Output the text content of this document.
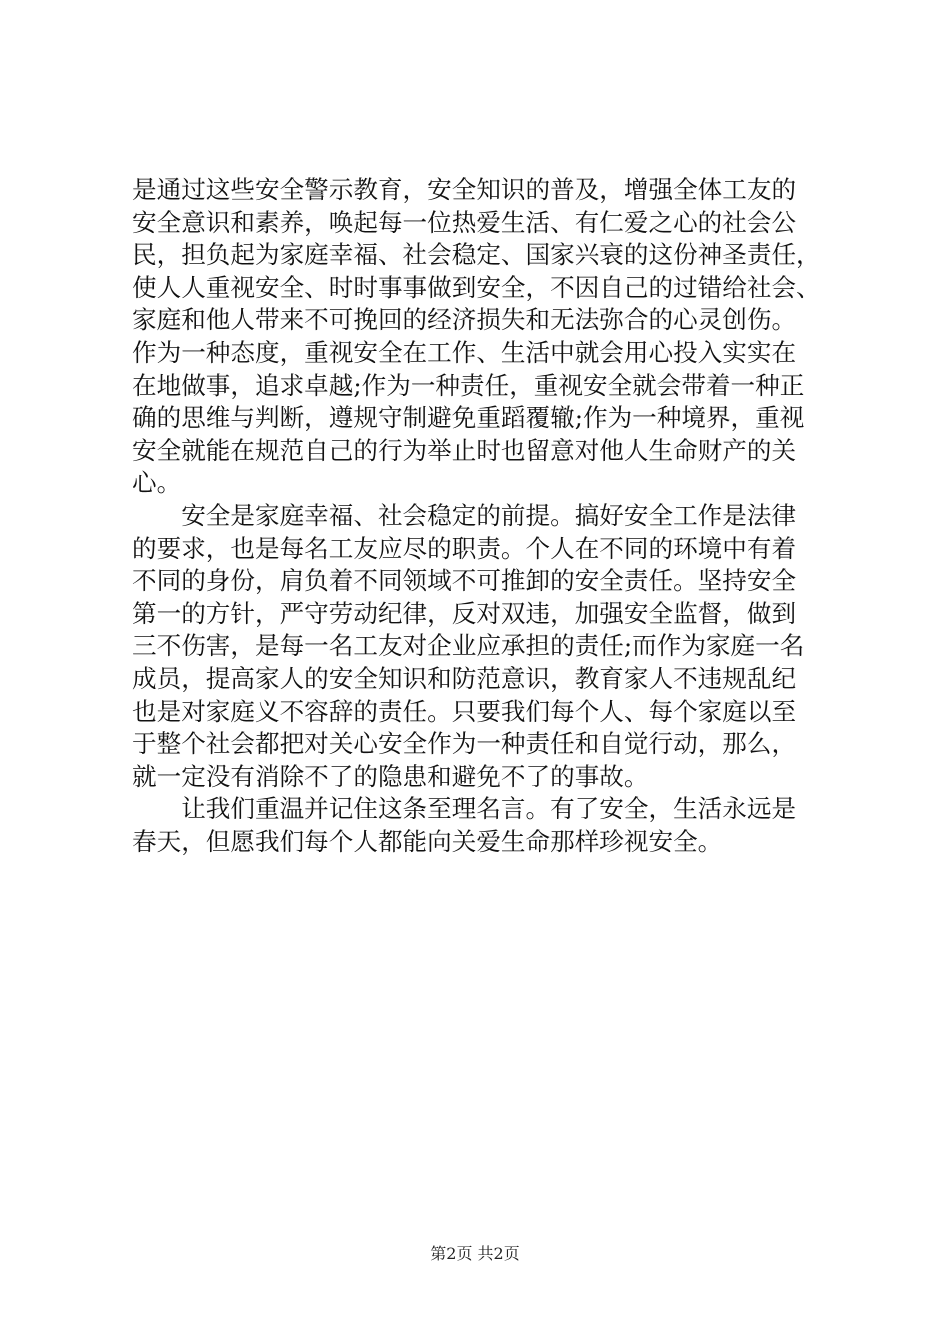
是通过这些安全警示教育，安全知识的普及，增强全体工友的
安全意识和素养，唤起每一位热爱生活、有仁爱之心的社会公
民，担负起为家庭幸福、社会稳定、国家兴衰的这份神圣责任，
使人人重视安全、时时事事做到安全，不因自己的过错给社会、
家庭和他人带来不可挽回的经济损失和无法弥合的心灵创伤。
作为一种态度，重视安全在工作、生活中就会用心投入实实在
在地做事，追求卓越;作为一种责任，重视安全就会带着一种正
确的思维与判断，遵规守制避免重蹈覆辙;作为一种境界，重视
安全就能在规范自己的行为举止时也留意对他人生命财产的关
心。
　　安全是家庭幸福、社会稳定的前提。搞好安全工作是法律
的要求，也是每名工友应尽的职责。个人在不同的环境中有着
不同的身份，肩负着不同领域不可推卸的安全责任。坚持安全
第一的方针，严守劳动纪律，反对双违，加强安全监督，做到
三不伤害，是每一名工友对企业应承担的责任;而作为家庭一名
成员，提高家人的安全知识和防范意识，教育家人不违规乱纪
也是对家庭义不容辞的责任。只要我们每个人、每个家庭以至
于整个社会都把对关心安全作为一种责任和自觉行动，那么，
就一定没有消除不了的隐患和避免不了的事故。
　　让我们重温并记住这条至理名言。有了安全，生活永远是
春天，但愿我们每个人都能向关爱生命那样珍视安全。
第2页 共2页
